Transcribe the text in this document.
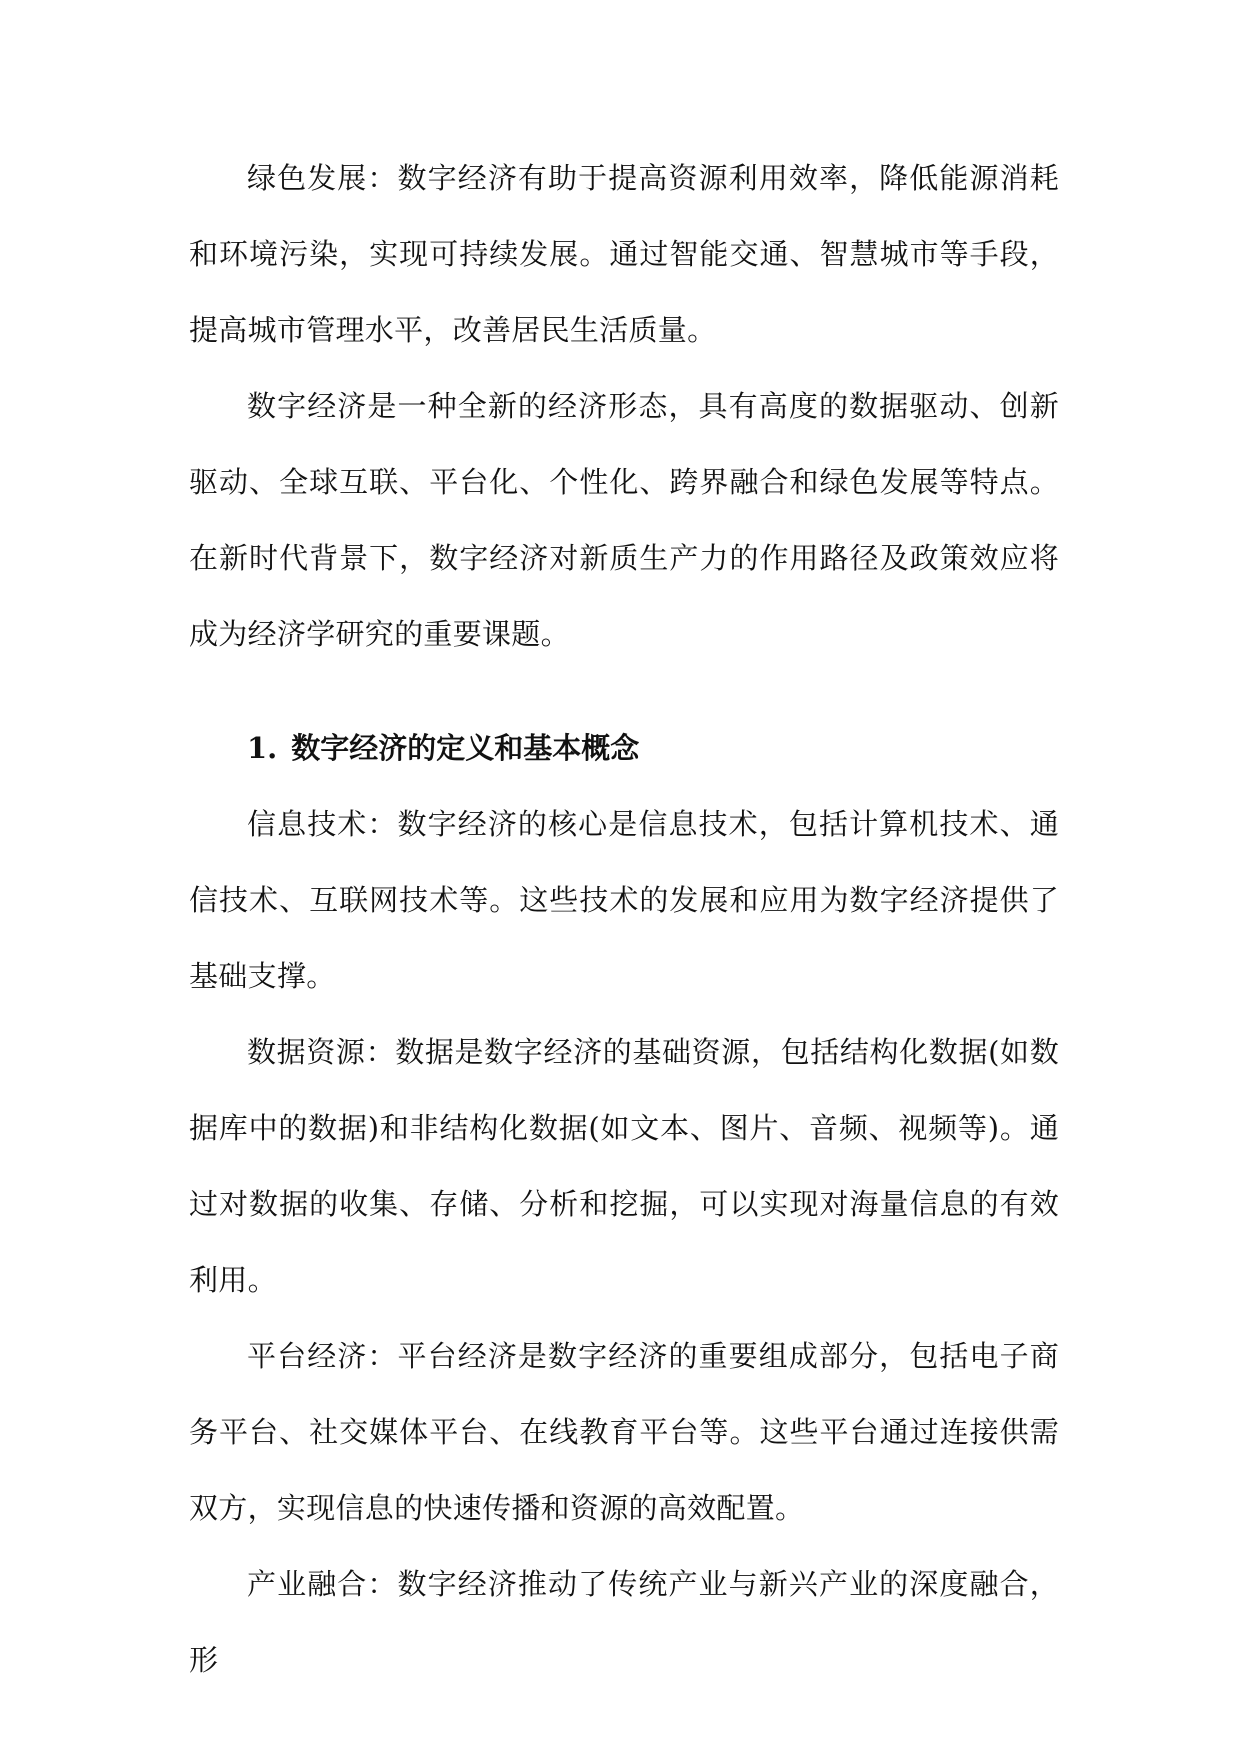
绿色发展：数字经济有助于提高资源利用效率，降低能源消耗和环境污染，实现可持续发展。通过智能交通、智慧城市等手段，提高城市管理水平，改善居民生活质量。

数字经济是一种全新的经济形态，具有高度的数据驱动、创新驱动、全球互联、平台化、个性化、跨界融合和绿色发展等特点。在新时代背景下，数字经济对新质生产力的作用路径及政策效应将成为经济学研究的重要课题。

1. 数字经济的定义和基本概念

信息技术：数字经济的核心是信息技术，包括计算机技术、通信技术、互联网技术等。这些技术的发展和应用为数字经济提供了基础支撑。

数据资源：数据是数字经济的基础资源，包括结构化数据(如数据库中的数据)和非结构化数据(如文本、图片、音频、视频等)。通过对数据的收集、存储、分析和挖掘，可以实现对海量信息的有效利用。

平台经济：平台经济是数字经济的重要组成部分，包括电子商务平台、社交媒体平台、在线教育平台等。这些平台通过连接供需双方，实现信息的快速传播和资源的高效配置。

产业融合：数字经济推动了传统产业与新兴产业的深度融合，形
